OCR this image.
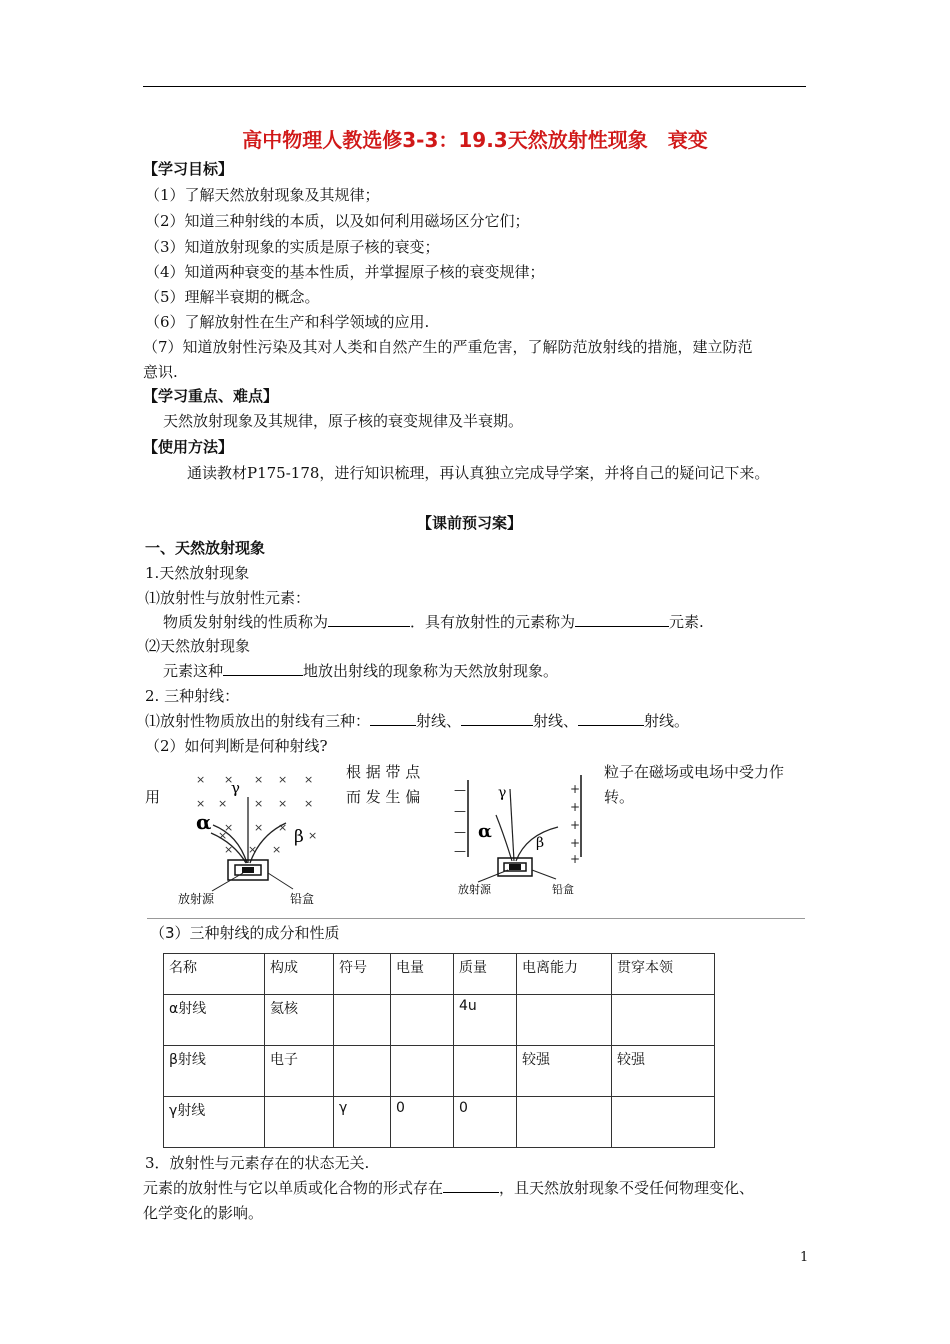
高中物理人教选修3-3：19.3天然放射性现象　衰变
【学习目标】
（1）了解天然放射现象及其规律；
（2）知道三种射线的本质，以及如何利用磁场区分它们；
（3）知道放射现象的实质是原子核的衰变；
（4）知道两种衰变的基本性质，并掌握原子核的衰变规律；
（5）理解半衰期的概念。
（6）了解放射性在生产和科学领域的应用.
（7）知道放射性污染及其对人类和自然产生的严重危害，了解防范放射线的措施，建立防范
意识.
【学习重点、难点】
天然放射现象及其规律，原子核的衰变规律及半衰期。
【使用方法】
通读教材P175-178，进行知识梳理，再认真独立完成导学案，并将自己的疑问记下来。
【课前预习案】
一、天然放射现象
1.天然放射现象
⑴放射性与放射性元素：
物质发射射线的性质称为	．具有放射性的元素称为	元素.
⑵天然放射现象
元素这种	地放出射线的现象称为天然放射现象。
2. 三种射线：
⑴放射性物质放出的射线有三种：	射线、	射线、	射线。
（2）如何判断是何种射线?
用
根 据 带 点
而 发 生 偏
粒子在磁场或电场中受力作
转。
× × × × ×
× × × × ×
× × ×
×	×
× × ×
γ
α
β
放射源	铅盒
—
—
—
—
+
+
+
+
+
γ
α
β
放射源	铅盒
（3）三种射线的成分和性质
名称	构成	符号	电量	质量	电离能力	贯穿本领
α射线	氦核			4u		
β射线	电子				较强	较强
γ射线		γ	0	0		
3．放射性与元素存在的状态无关.
元素的放射性与它以单质或化合物的形式存在	，且天然放射现象不受任何物理变化、
化学变化的影响。
1
